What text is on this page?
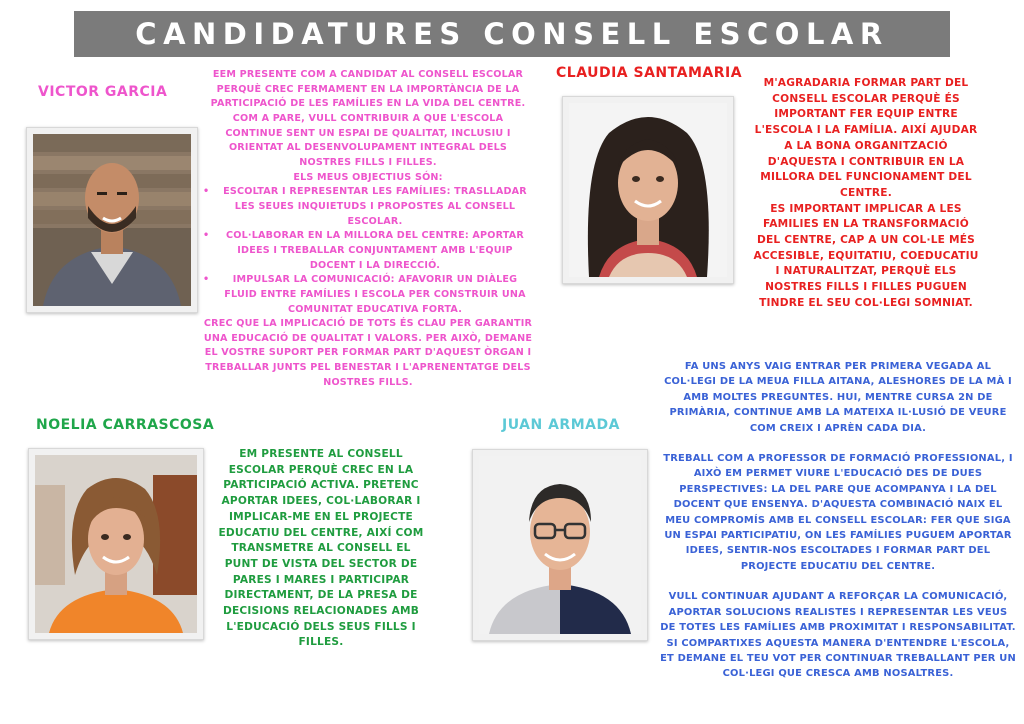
CANDIDATURES CONSELL ESCOLAR
VICTOR GARCIA

EEM PRESENTE COM A CANDIDAT AL CONSELL ESCOLAR PERQUÈ CREC FERMAMENT EN LA IMPORTÀNCIA DE LA PARTICIPACIÓ DE LES FAMÍLIES EN LA VIDA DEL CENTRE. COM A PARE, VULL CONTRIBUIR A QUE L'ESCOLA CONTINUE SENT UN ESPAI DE QUALITAT, INCLUSIU I ORIENTAT AL DESENVOLUPAMENT INTEGRAL DELS NOSTRES FILLS I FILLES.

ELS MEUS OBJECTIUS SÓN:

• ESCOLTAR I REPRESENTAR LES FAMÍLIES: TRASLLADAR LES SEUES INQUIETUDS I PROPOSTES AL CONSELL ESCOLAR.
• COL·LABORAR EN LA MILLORA DEL CENTRE: APORTAR IDEES I TREBALLAR CONJUNTAMENT AMB L'EQUIP DOCENT I LA DIRECCIÓ.
• IMPULSAR LA COMUNICACIÓ: AFAVORIR UN DIÀLEG FLUID ENTRE FAMÍLIES I ESCOLA PER CONSTRUIR UNA COMUNITAT EDUCATIVA FORTA.

CREC QUE LA IMPLICACIÓ DE TOTS ÉS CLAU PER GARANTIR UNA EDUCACIÓ DE QUALITAT I VALORS. PER AIXÒ, DEMANE EL VOSTRE SUPORT PER FORMAR PART D'AQUEST ÒRGAN I TREBALLAR JUNTS PEL BENESTAR I L'APRENENTATGE DELS NOSTRES FILLS.

CLAUDIA SANTAMARIA

M'AGRADARIA FORMAR PART DEL CONSELL ESCOLAR PERQUÈ ÉS IMPORTANT FER EQUIP ENTRE L'ESCOLA I LA FAMÍLIA. AIXÍ AJUDAR A LA BONA ORGANITZACIÓ D'AQUESTA I CONTRIBUIR EN LA MILLORA DEL FUNCIONAMENT DEL CENTRE.

ES IMPORTANT IMPLICAR A LES FAMILIES EN LA TRANSFORMACIÓ DEL CENTRE, CAP A UN COL·LE MÉS ACCESIBLE, EQUITATIU, COEDUCATIU I NATURALITZAT, PERQUÈ ELS NOSTRES FILLS I FILLES PUGUEN TINDRE EL SEU COL·LEGI SOMNIAT.

NOELIA CARRASCOSA
EM PRESENTE AL CONSELL ESCOLAR PERQUÈ CREC EN LA PARTICIPACIÓ ACTIVA. PRETENC APORTAR IDEES, COL·LABORAR I IMPLICAR-ME EN EL PROJECTE EDUCATIU DEL CENTRE, AIXÍ COM TRANSMETRE AL CONSELL EL PUNT DE VISTA DEL SECTOR DE PARES I MARES I PARTICIPAR DIRECTAMENT, DE LA PRESA DE DECISIONS RELACIONADES AMB L'EDUCACIÓ DELS SEUS FILLS I FILLES.
JUAN ARMADA

FA UNS ANYS VAIG ENTRAR PER PRIMERA VEGADA AL COL·LEGI DE LA MEUA FILLA AITANA, ALESHORES DE LA MÀ I AMB MOLTES PREGUNTES. HUI, MENTRE CURSA 2N DE PRIMÀRIA, CONTINUE AMB LA MATEIXA IL·LUSIÓ DE VEURE COM CREIX I APRÈN CADA DIA.

TREBALL COM A PROFESSOR DE FORMACIÓ PROFESSIONAL, I AIXÒ EM PERMET VIURE L'EDUCACIÓ DES DE DUES PERSPECTIVES: LA DEL PARE QUE ACOMPANYA I LA DEL DOCENT QUE ENSENYA. D'AQUESTA COMBINACIÓ NAIX EL MEU COMPROMÍS AMB EL CONSELL ESCOLAR: FER QUE SIGA UN ESPAI PARTICIPATIU, ON LES FAMÍLIES PUGUEM APORTAR IDEES, SENTIR-NOS ESCOLTADES I FORMAR PART DEL PROJECTE EDUCATIU DEL CENTRE.

VULL CONTINUAR AJUDANT A REFORÇAR LA COMUNICACIÓ, APORTAR SOLUCIONS REALISTES I REPRESENTAR LES VEUS DE TOTES LES FAMÍLIES AMB PROXIMITAT I RESPONSABILITAT. SI COMPARTIXES AQUESTA MANERA D'ENTENDRE L'ESCOLA, ET DEMANE EL TEU VOT PER CONTINUAR TREBALLANT PER UN COL·LEGI QUE CRESCA AMB NOSALTRES.
